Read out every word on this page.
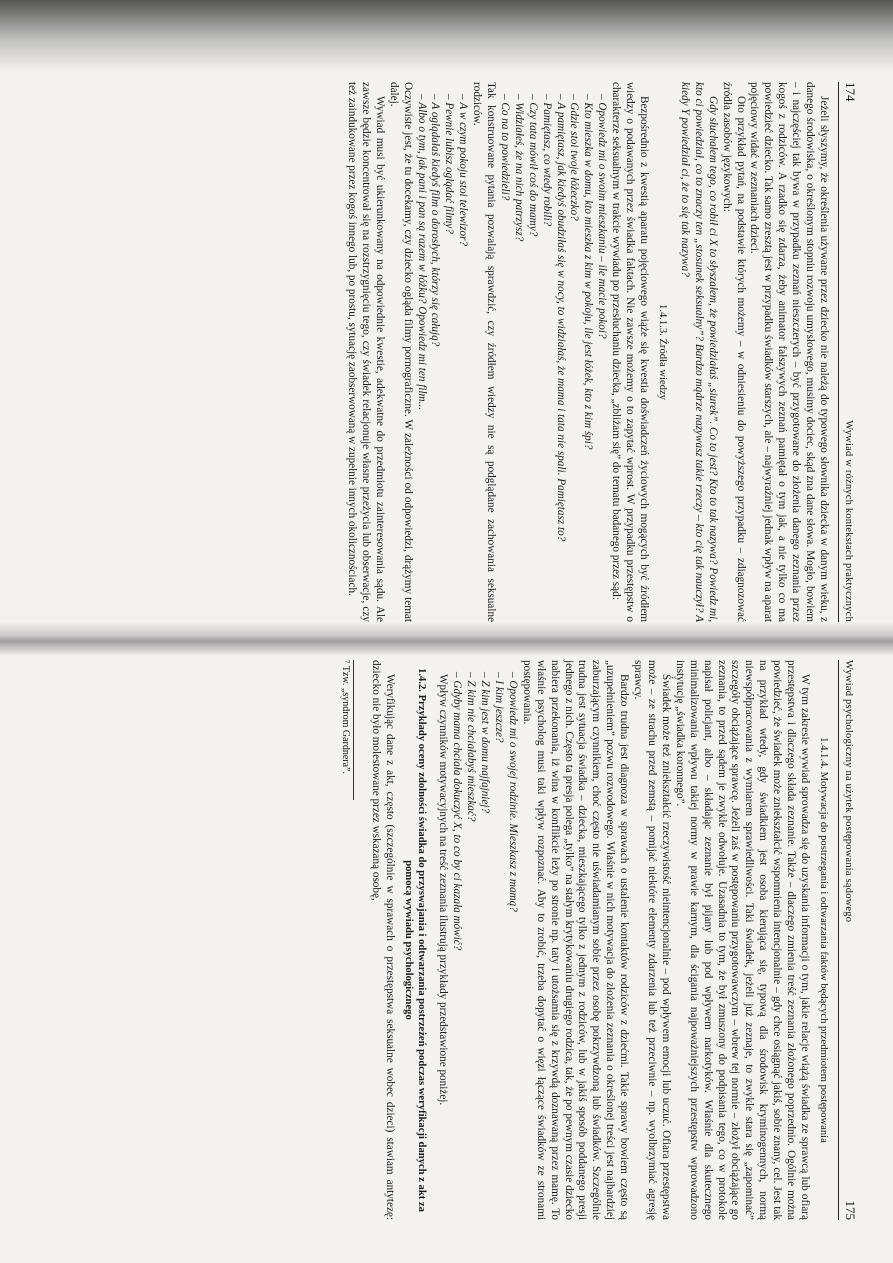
174
Wywiad w różnych kontekstach praktycznych

Jeżeli słyszymy, że określenia używane przez dziecko nie należą do typowego słownika dziecka w danym wieku, z danego środowiska, o określonym stopniu rozwoju umysłowego, musimy dociec, skąd zna dane słowa. Mogło, bowiem – i najczęściej tak bywa w przypadku zeznań nieszczerych – być przygotowane do złożenia danego zeznania przez kogoś z rodziców. A rzadko się zdarza, żeby animator fałszywych zeznań pamiętał o tym jak, a nie tylko co ma powiedzieć dziecko. Tak samo zresztą jest w przypadku świadków starszych, ale – najwyraźniej jednak wpływ na aparat pojęciowy widać w zeznaniach dzieci.

Oto przykład pytań, na podstawie których możemy – w odniesieniu do powyższego przypadku – zdiagnozować źródła zasobów językowych:

Gdy słuchałem tego, co robił ci X to słyszałem, że powiedziałaś „siurek”. Co to jest? Kto to tak nazywa? Powiedz mi, kto ci powiedział, co to znaczy ten „stosunek seksualny”? Bardzo mądrze nazywasz takie rzeczy – kto cię tak nauczył? A kiedy Y powiedział ci, że to się tak nazywa?

1.4.1.3. Źródła wiedzy

Bezpośrednio z kwestią aparatu pojęciowego wiąże się kwestia doświadczeń życiowych mogących być źródłem wiedzy o podawanych przez świadka faktach. Nie zawsze możemy o to zapytać wprost. W przypadku przestępstw o charakterze seksualnym w trakcie wywiadu po przesłuchaniu dziecka, „zbliżam się” do tematu badanego przez sąd:

– Opowiedz mi o swoim mieszkaniu – ile macie pokoi?
– Kto mieszka w domu, kto mieszka z kim w pokoju, ile jest łóżek, kto z kim śpi?
– Gdzie stoi twoje łóżeczko?
– A pamiętasz, jak kiedyś obudziłaś się w nocy, to widziałaś, że mama i tata nie spali. Pamiętasz to?
– Pamiętasz, co wtedy robili?
– Czy tata mówił coś do mamy?
– Widziałeś, że na nich patrzysz?
– Co na to powiedzieli?

Tak konstruowane pytania pozwalają sprawdzić, czy źródłem wiedzy nie są podglądane zachowania seksualne rodziców.

– A w czym pokoju stoi telewizor?
– Pewnie lubisz oglądać filmy?
– A oglądałaś kiedyś film o dorosłych, którzy się całują?
– Albo o tym, jak pani i pan są razem w łóżku? Opowiedz mi ten film...

Oczywiste jest, że tu docekamy, czy dziecko ogląda filmy pornograficzne. W zależności od odpowiedzi, drążymy temat dalej.

Wywiad musi być ukierunkowany na odpowiednie kwestie, adekwatne do przedmiotu zainteresowania sądu. Ale zawsze będzie koncentrował się na rozstrzygnięciu tego, czy świadek relacjonuje własne przeżycia lub obserwacje, czy też zaindukowane przez kogoś innego lub, po prostu, sytuację zaobserwowaną w zupełnie innych okolicznościach.

Wywiad psychologiczny na użytek postępowania sądowego
175
1.4.1.4. Motywacja do postrzegania i odtwarzania faktów będących przedmiotem postępowania

W tym zakresie wywiad sprowadza się do uzyskania informacji o tym, jakie relacje wiążą świadka ze sprawcą lub ofiarą przestępstwa i dlaczego składa zeznanie. Także – dlaczego zmienia treść zeznania złożonego poprzednio. Ogólnie można powiedzieć, że świadek może zniekształcić wspomnienia intencjonalnie – gdy chce osiągnąć jakiś, sobie znany, cel. Jest tak na przykład wtedy, gdy świadkiem jest osoba kierująca się, typową dla środowisk kryminogennych, normą niewspółpracowania z wymiarem sprawiedliwości. Taki świadek, jeżeli już zeznaje, to zwykle stara się „zapominać” szczegóły obciążające sprawcę. Jeżeli zaś w postępowaniu przygotowawczym – wbrew tej normie – złożył obciążające go zeznania, to przed sądem je zwykle odwołuje. Uzasadnia to tym, że był zmuszony do podpisania tego, co w protokole napisał policjant, albo – składając zeznanie był pijany lub pod wpływem narkotyków. Właśnie dla skutecznego minimalizowania wpływu takiej normy w prawie karnym, dla ścigania najpoważniejszych przestępstw wprowadzono instytucję „świadka koronnego”.

Świadek może też zniekształcić rzeczywistość nieintencjonalnie – pod wpływem emocji lub uczuć. Ofiara przestępstwa może – ze strachu przed zemstą – pomijać niektóre elementy zdarzenia lub też przeciwnie – np. wyolbrzymiać agresję sprawcy.

Bardzo trudna jest diagnoza w sprawach o ustalenie kontaktów rodziców z dziećmi. Takie sprawy bowiem często są „uzupełnieniem” pozwu rozwodowego. Właśnie w nich motywacja do złożenia zeznania o określonej treści jest najbardziej zaburzającym czynnikiem, choć często nie uświadamianym sobie przez osobę pokrzywdzoną lub świadków. Szczególnie trudna jest sytuacja świadka – dziecka, mieszkającego tylko z jednym z rodziców, lub w jakiś sposób poddanego presji jednego z nich. Często ta presja polega „tylko” na stałym krytykowaniu drugiego rodzica, tak, że po pewnym czasie dziecko nabiera przekonania, iż wina w konflikcie leży po stronie np. taty i utożsamia się z krzywdą doznawaną przez mamę. To właśnie psycholog musi taki wpływ rozpoznać. Aby to zrobić, trzeba dopytać o więzi łączące świadków ze stronami postępowania.

– Opowiedz mi o swojej rodzinie. Mieszkasz z mamą?
– I kim jeszcze?
– Z kim jest w domu najfajniej?
– Z kim nie chciałabyś mieszkać?
– Gdyby mama chciała dokuczyć X, to co by ci kazała mówić?

Wpływ czynników motywacyjnych na treść zeznania ilustrują przykłady przedstawione poniżej.

1.4.2. Przykłady oceny zdolności świadka do przyswajania i odtwarzania postrzeżeń podczas weryfikacji danych z akt za pomocą wywiadu psychologicznego

Weryfikując dane z akt, często (szczególnie w sprawach o przestępstwa seksualne wobec dzieci) stawiam antytezę: dziecko nie było molestowane przez wskazaną osobę,

⁷ Tzw. „syndrom Gardnera”.
